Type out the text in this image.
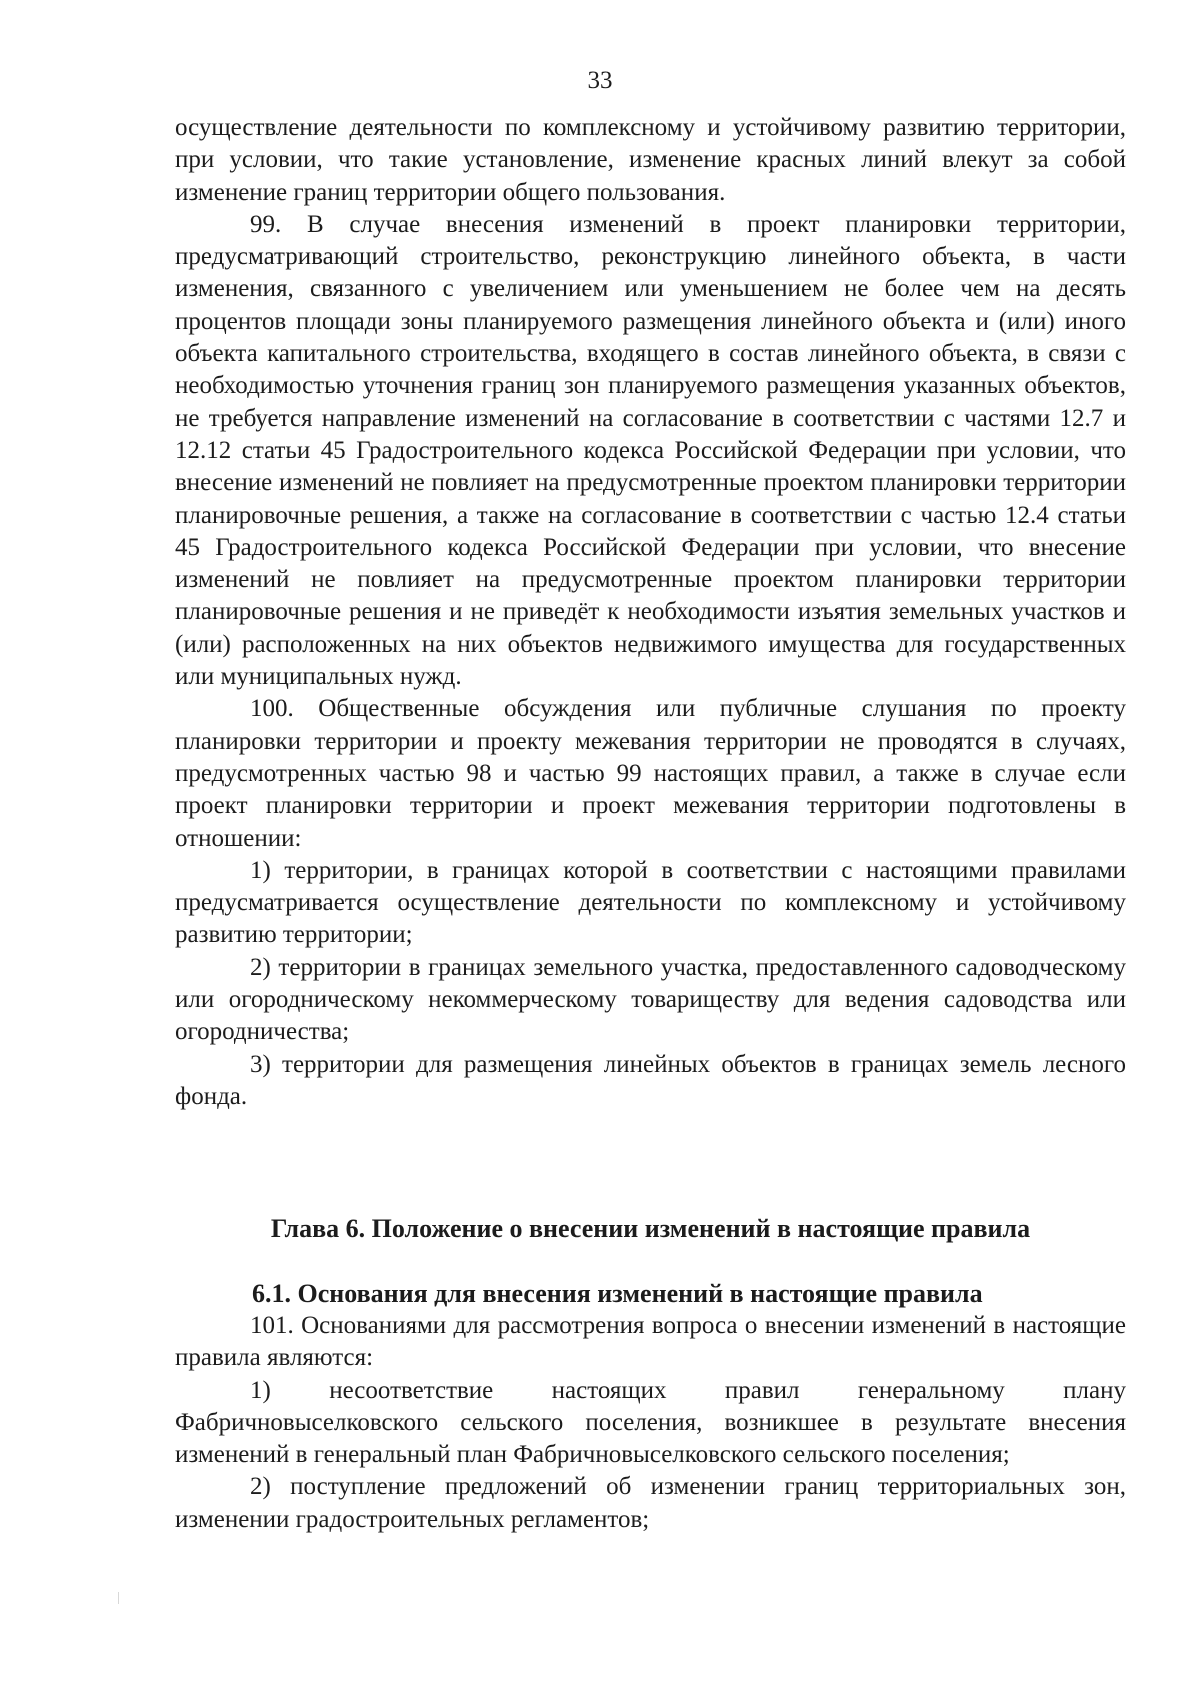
33

осуществление деятельности по комплексному и устойчивому развитию территории, при условии, что такие установление, изменение красных линий влекут за собой изменение границ территории общего пользования.

99. В случае внесения изменений в проект планировки территории, предусматривающий строительство, реконструкцию линейного объекта, в части изменения, связанного с увеличением или уменьшением не более чем на десять процентов площади зоны планируемого размещения линейного объекта и (или) иного объекта капитального строительства, входящего в состав линейного объекта, в связи с необходимостью уточнения границ зон планируемого размещения указанных объектов, не требуется направление изменений на согласование в соответствии с частями 12.7 и 12.12 статьи 45 Градостроительного кодекса Российской Федерации при условии, что внесение изменений не повлияет на предусмотренные проектом планировки территории планировочные решения, а также на согласование в соответствии с частью 12.4 статьи 45 Градостроительного кодекса Российской Федерации при условии, что внесение изменений не повлияет на предусмотренные проектом планировки территории планировочные решения и не приведёт к необходимости изъятия земельных участков и (или) расположенных на них объектов недвижимого имущества для государственных или муниципальных нужд.

100. Общественные обсуждения или публичные слушания по проекту планировки территории и проекту межевания территории не проводятся в случаях, предусмотренных частью 98 и частью 99 настоящих правил, а также в случае если проект планировки территории и проект межевания территории подготовлены в отношении:

1) территории, в границах которой в соответствии с настоящими правилами предусматривается осуществление деятельности по комплексному и устойчивому развитию территории;

2) территории в границах земельного участка, предоставленного садоводческому или огородническому некоммерческому товариществу для ведения садоводства или огородничества;

3) территории для размещения линейных объектов в границах земель лесного фонда.

Глава 6. Положение о внесении изменений в настоящие правила
6.1. Основания для внесения изменений в настоящие правила

101. Основаниями для рассмотрения вопроса о внесении изменений в настоящие правила являются:

1) несоответствие настоящих правил генеральному плану Фабричновыселковского сельского поселения, возникшее в результате внесения изменений в генеральный план Фабричновыселковского сельского поселения;

2) поступление предложений об изменении границ территориальных зон, изменении градостроительных регламентов;
